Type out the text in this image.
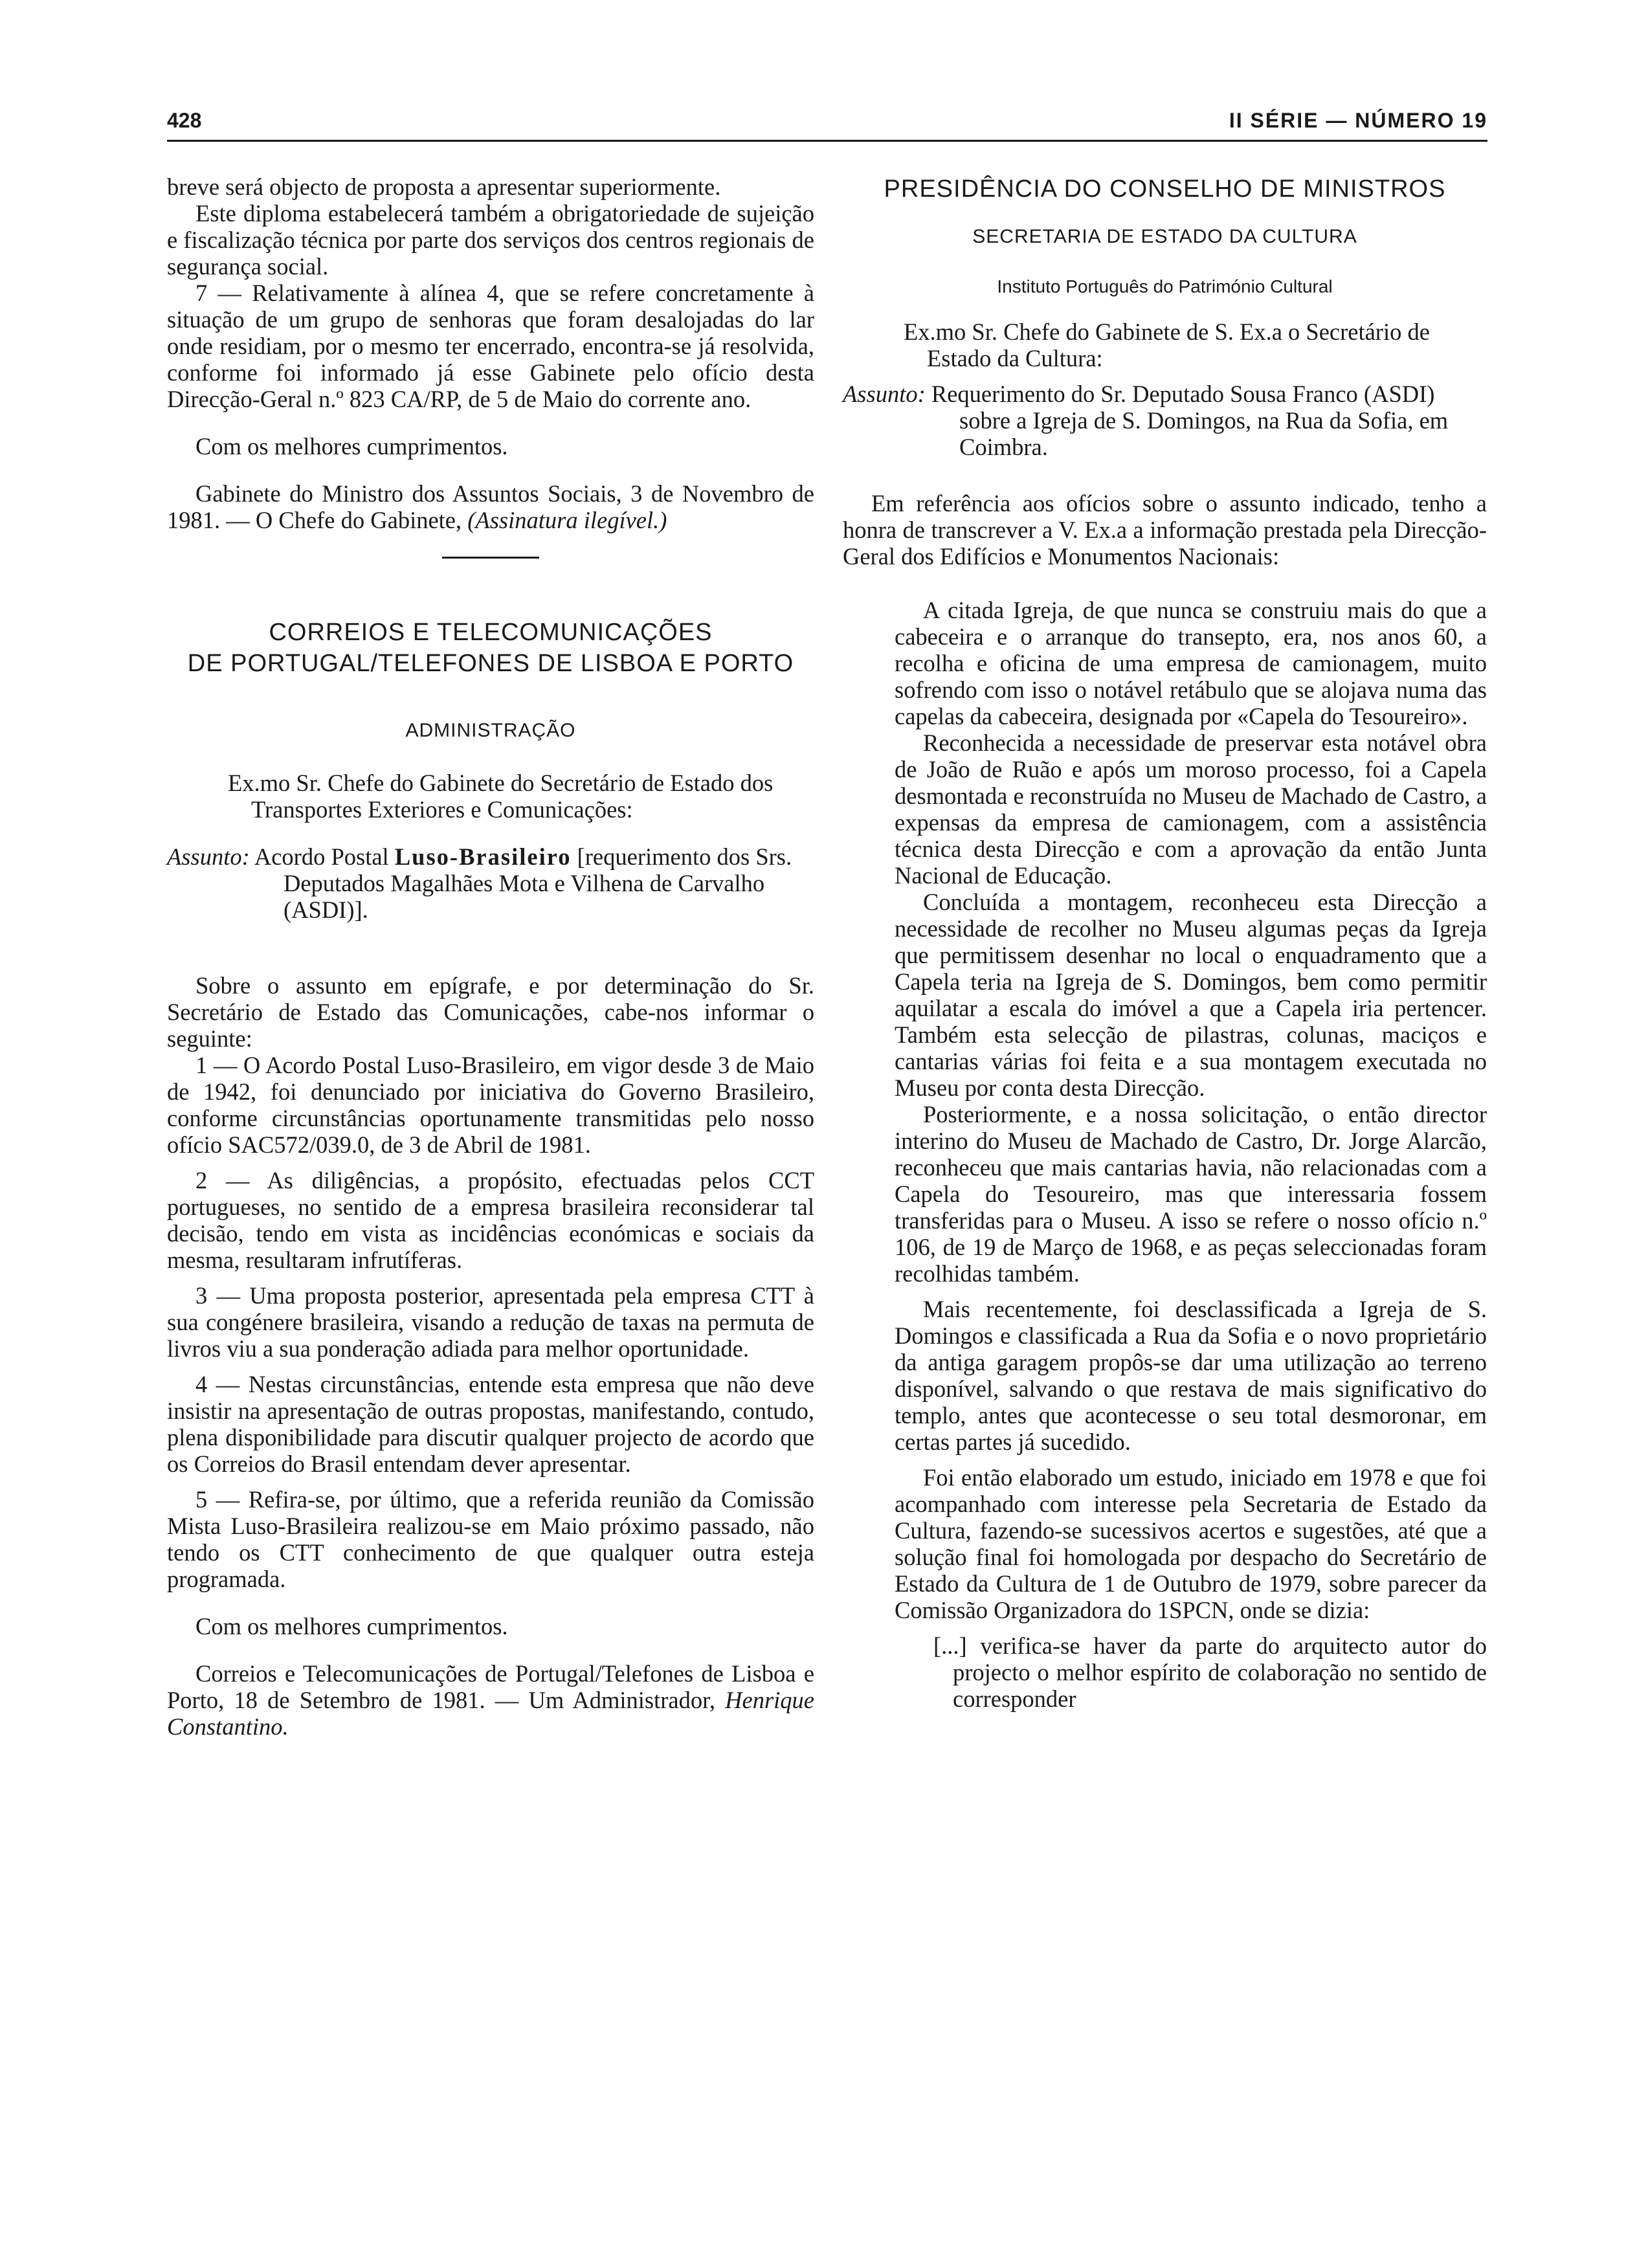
428	II SÉRIE — NÚMERO 19

breve será objecto de proposta a apresentar superiormente.

Este diploma estabelecerá também a obrigatoriedade de sujeição e fiscalização técnica por parte dos serviços dos centros regionais de segurança social.

7 — Relativamente à alínea 4, que se refere concretamente à situação de um grupo de senhoras que foram desalojadas do lar onde residiam, por o mesmo ter encerrado, encontra-se já resolvida, conforme foi informado já esse Gabinete pelo ofício desta Direcção-Geral n.º 823 CA/RP, de 5 de Maio do corrente ano.

Com os melhores cumprimentos.

Gabinete do Ministro dos Assuntos Sociais, 3 de Novembro de 1981. — O Chefe do Gabinete, (Assinatura ilegível.)

CORREIOS E TELECOMUNICAÇÕES
DE PORTUGAL/TELEFONES DE LISBOA E PORTO
ADMINISTRAÇÃO

Ex.mo Sr. Chefe do Gabinete do Secretário de Estado dos Transportes Exteriores e Comunicações:

Assunto: Acordo Postal Luso-Brasileiro [requerimento dos Srs. Deputados Magalhães Mota e Vilhena de Carvalho (ASDI)].

Sobre o assunto em epígrafe, e por determinação do Sr. Secretário de Estado das Comunicações, cabe-nos informar o seguinte:

1 — O Acordo Postal Luso-Brasileiro, em vigor desde 3 de Maio de 1942, foi denunciado por iniciativa do Governo Brasileiro, conforme circunstâncias oportunamente transmitidas pelo nosso ofício SAC572/039.0, de 3 de Abril de 1981.

2 — As diligências, a propósito, efectuadas pelos CCT portugueses, no sentido de a empresa brasileira reconsiderar tal decisão, tendo em vista as incidências económicas e sociais da mesma, resultaram infrutíferas.

3 — Uma proposta posterior, apresentada pela empresa CTT à sua congénere brasileira, visando a redução de taxas na permuta de livros viu a sua ponderação adiada para melhor oportunidade.

4 — Nestas circunstâncias, entende esta empresa que não deve insistir na apresentação de outras propostas, manifestando, contudo, plena disponibilidade para discutir qualquer projecto de acordo que os Correios do Brasil entendam dever apresentar.

5 — Refira-se, por último, que a referida reunião da Comissão Mista Luso-Brasileira realizou-se em Maio próximo passado, não tendo os CTT conhecimento de que qualquer outra esteja programada.

Com os melhores cumprimentos.

Correios e Telecomunicações de Portugal/Telefones de Lisboa e Porto, 18 de Setembro de 1981. — Um Administrador, Henrique Constantino.

PRESIDÊNCIA DO CONSELHO DE MINISTROS
SECRETARIA DE ESTADO DA CULTURA
Instituto Português do Património Cultural

Ex.mo Sr. Chefe do Gabinete de S. Ex.a o Secretário de Estado da Cultura:

Assunto: Requerimento do Sr. Deputado Sousa Franco (ASDI) sobre a Igreja de S. Domingos, na Rua da Sofia, em Coimbra.

Em referência aos ofícios sobre o assunto indicado, tenho a honra de transcrever a V. Ex.a a informação prestada pela Direcção-Geral dos Edifícios e Monumentos Nacionais:

A citada Igreja, de que nunca se construiu mais do que a cabeceira e o arranque do transepto, era, nos anos 60, a recolha e oficina de uma empresa de camionagem, muito sofrendo com isso o notável retábulo que se alojava numa das capelas da cabeceira, designada por «Capela do Tesoureiro».

Reconhecida a necessidade de preservar esta notável obra de João de Ruão e após um moroso processo, foi a Capela desmontada e reconstruída no Museu de Machado de Castro, a expensas da empresa de camionagem, com a assistência técnica desta Direcção e com a aprovação da então Junta Nacional de Educação.

Concluída a montagem, reconheceu esta Direcção a necessidade de recolher no Museu algumas peças da Igreja que permitissem desenhar no local o enquadramento que a Capela teria na Igreja de S. Domingos, bem como permitir aquilatar a escala do imóvel a que a Capela iria pertencer. Também esta selecção de pilastras, colunas, maciços e cantarias várias foi feita e a sua montagem executada no Museu por conta desta Direcção.

Posteriormente, e a nossa solicitação, o então director interino do Museu de Machado de Castro, Dr. Jorge Alarcão, reconheceu que mais cantarias havia, não relacionadas com a Capela do Tesoureiro, mas que interessaria fossem transferidas para o Museu. A isso se refere o nosso ofício n.º 106, de 19 de Março de 1968, e as peças seleccionadas foram recolhidas também.

Mais recentemente, foi desclassificada a Igreja de S. Domingos e classificada a Rua da Sofia e o novo proprietário da antiga garagem propôs-se dar uma utilização ao terreno disponível, salvando o que restava de mais significativo do templo, antes que acontecesse o seu total desmoronar, em certas partes já sucedido.

Foi então elaborado um estudo, iniciado em 1978 e que foi acompanhado com interesse pela Secretaria de Estado da Cultura, fazendo-se sucessivos acertos e sugestões, até que a solução final foi homologada por despacho do Secretário de Estado da Cultura de 1 de Outubro de 1979, sobre parecer da Comissão Organizadora do 1SPCN, onde se dizia:

[...] verifica-se haver da parte do arquitecto autor do projecto o melhor espírito de colaboração no sentido de corresponder
